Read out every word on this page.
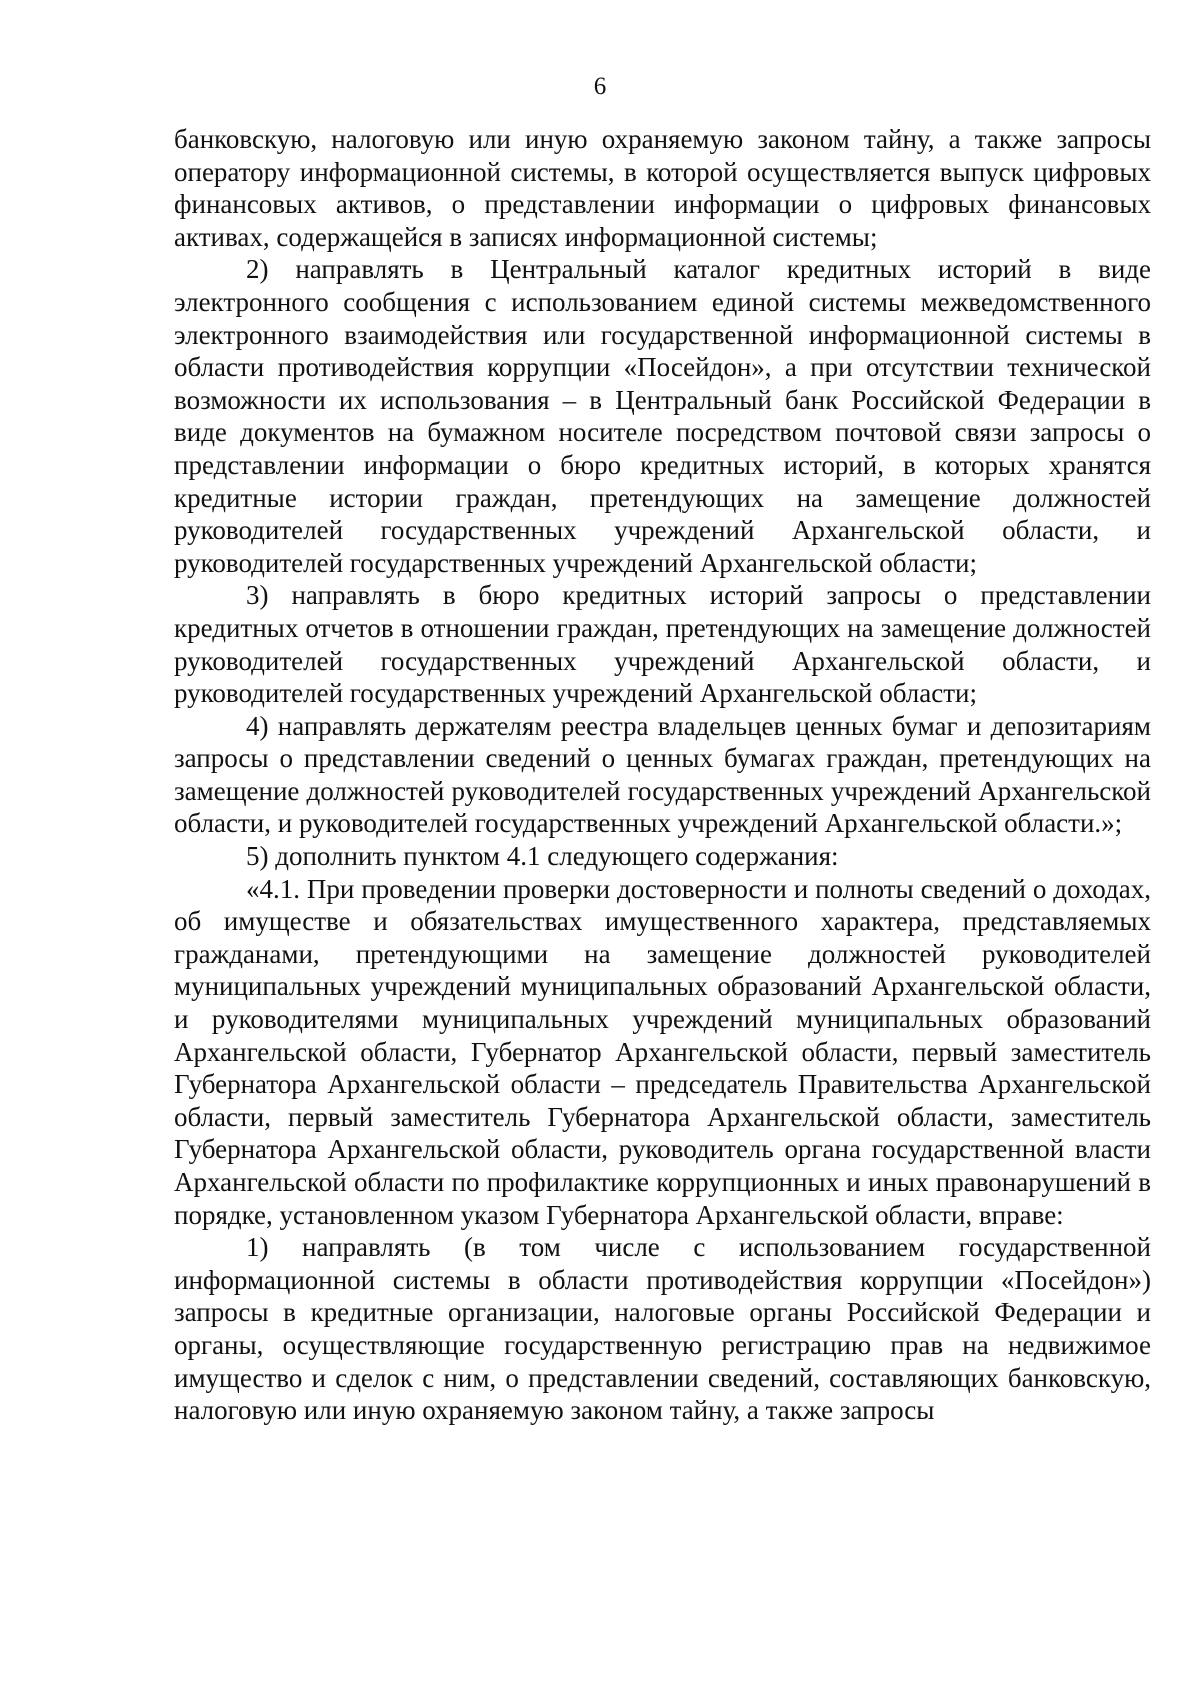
6

банковскую, налоговую или иную охраняемую законом тайну, а также запросы оператору информационной системы, в которой осуществляется выпуск цифровых финансовых активов, о представлении информации о цифровых финансовых активах, содержащейся в записях информационной системы;

2) направлять в Центральный каталог кредитных историй в виде электронного сообщения с использованием единой системы межведомственного электронного взаимодействия или государственной информационной системы в области противодействия коррупции «Посейдон», а при отсутствии технической возможности их использования – в Центральный банк Российской Федерации в виде документов на бумажном носителе посредством почтовой связи запросы о представлении информации о бюро кредитных историй, в которых хранятся кредитные истории граждан, претендующих на замещение должностей руководителей государственных учреждений Архангельской области, и руководителей государственных учреждений Архангельской области;

3) направлять в бюро кредитных историй запросы о представлении кредитных отчетов в отношении граждан, претендующих на замещение должностей руководителей государственных учреждений Архангельской области, и руководителей государственных учреждений Архангельской области;

4) направлять держателям реестра владельцев ценных бумаг и депозитариям запросы о представлении сведений о ценных бумагах граждан, претендующих на замещение должностей руководителей государственных учреждений Архангельской области, и руководителей государственных учреждений Архангельской области.»;

5) дополнить пунктом 4.1 следующего содержания:

«4.1. При проведении проверки достоверности и полноты сведений о доходах, об имуществе и обязательствах имущественного характера, представляемых гражданами, претендующими на замещение должностей руководителей муниципальных учреждений муниципальных образований Архангельской области, и руководителями муниципальных учреждений муниципальных образований Архангельской области, Губернатор Архангельской области, первый заместитель Губернатора Архангельской области – председатель Правительства Архангельской области, первый заместитель Губернатора Архангельской области, заместитель Губернатора Архангельской области, руководитель органа государственной власти Архангельской области по профилактике коррупционных и иных правонарушений в порядке, установленном указом Губернатора Архангельской области, вправе:

1) направлять (в том числе с использованием государственной информационной системы в области противодействия коррупции «Посейдон») запросы в кредитные организации, налоговые органы Российской Федерации и органы, осуществляющие государственную регистрацию прав на недвижимое имущество и сделок с ним, о представлении сведений, составляющих банковскую, налоговую или иную охраняемую законом тайну, а также запросы
